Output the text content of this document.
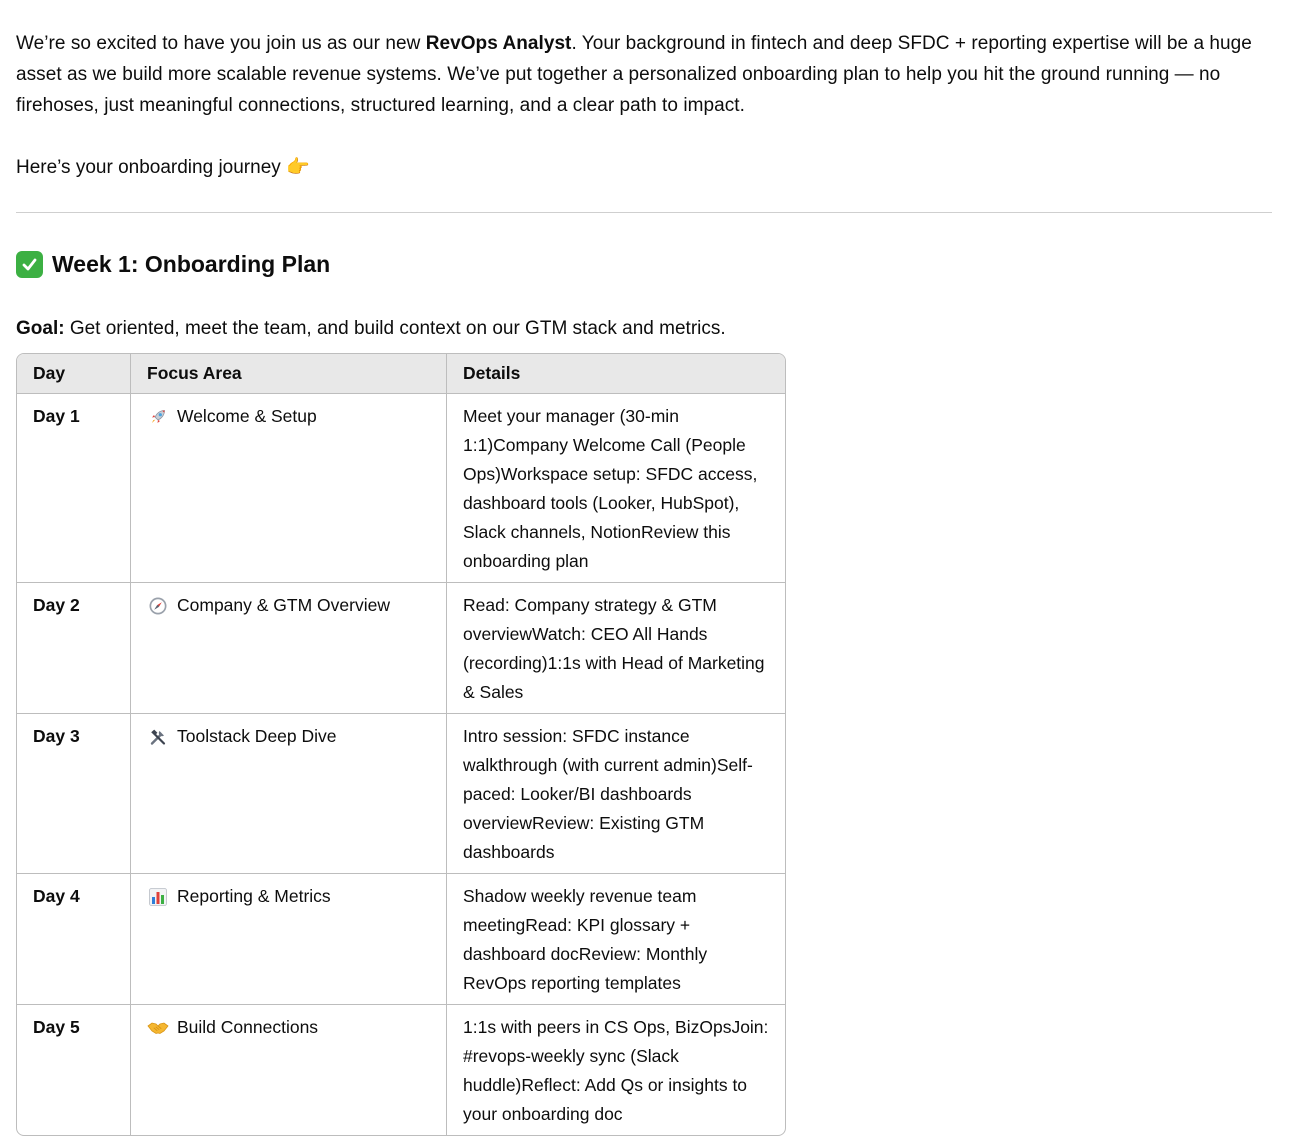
We’re so excited to have you join us as our new RevOps Analyst. Your background in fintech and deep SFDC + reporting expertise will be a huge asset as we build more scalable revenue systems. We’ve put together a personalized onboarding plan to help you hit the ground running — no firehoses, just meaningful connections, structured learning, and a clear path to impact.

Here’s your onboarding journey 👉

Week 1: Onboarding Plan

Goal: Get oriented, meet the team, and build context on our GTM stack and metrics.

Day	Focus Area	Details
Day 1	Welcome & Setup	Meet your manager (30-min 1:1)Company Welcome Call (People Ops)Workspace setup: SFDC access, dashboard tools (Looker, HubSpot), Slack channels, NotionReview this onboarding plan
Day 2	Company & GTM Overview	Read: Company strategy & GTM overviewWatch: CEO All Hands (recording)1:1s with Head of Marketing & Sales
Day 3	Toolstack Deep Dive	Intro session: SFDC instance walkthrough (with current admin)Self-paced: Looker/BI dashboards overviewReview: Existing GTM dashboards
Day 4	Reporting & Metrics	Shadow weekly revenue team meetingRead: KPI glossary + dashboard docReview: Monthly RevOps reporting templates
Day 5	Build Connections	1:1s with peers in CS Ops, BizOpsJoin: #revops-weekly sync (Slack huddle)Reflect: Add Qs or insights to your onboarding doc
